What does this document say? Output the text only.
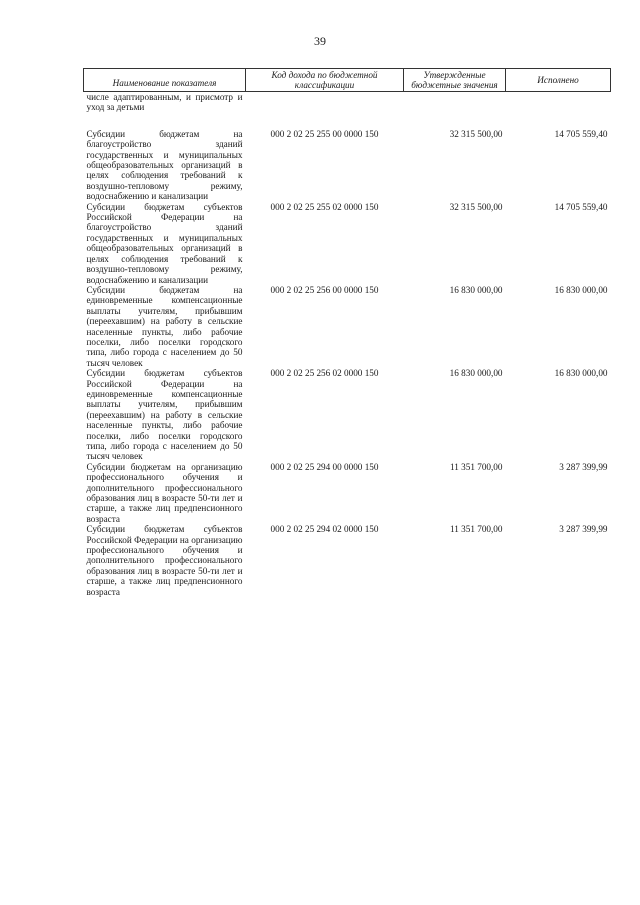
39
Наименование показателя	Код дохода по бюджетной классификации	Утвержденные бюджетные значения	Исполнено
числе адаптированным, и присмотр и уход за детьми			
Субсидии бюджетам на благоустройство зданий государственных и муниципальных общеобразовательных организаций в целях соблюдения требований к воздушно-тепловому режиму, водоснабжению и канализации	000 2 02 25 255 00 0000 150	32 315 500,00	14 705 559,40
Субсидии бюджетам субъектов Российской Федерации на благоустройство зданий государственных и муниципальных общеобразовательных организаций в целях соблюдения требований к воздушно-тепловому режиму, водоснабжению и канализации	000 2 02 25 255 02 0000 150	32 315 500,00	14 705 559,40
Субсидии бюджетам на единовременные компенсационные выплаты учителям, прибывшим (переехавшим) на работу в сельские населенные пункты, либо рабочие поселки, либо поселки городского типа, либо города с населением до 50 тысяч человек	000 2 02 25 256 00 0000 150	16 830 000,00	16 830 000,00
Субсидии бюджетам субъектов Российской Федерации на единовременные компенсационные выплаты учителям, прибывшим (переехавшим) на работу в сельские населенные пункты, либо рабочие поселки, либо поселки городского типа, либо города с населением до 50 тысяч человек	000 2 02 25 256 02 0000 150	16 830 000,00	16 830 000,00
Субсидии бюджетам на организацию профессионального обучения и дополнительного профессионального образования лиц в возрасте 50-ти лет и старше, а также лиц предпенсионного возраста	000 2 02 25 294 00 0000 150	11 351 700,00	3 287 399,99
Субсидии бюджетам субъектов Российской Федерации на организацию профессионального обучения и дополнительного профессионального образования лиц в возрасте 50-ти лет и старше, а также лиц предпенсионного возраста	000 2 02 25 294 02 0000 150	11 351 700,00	3 287 399,99
